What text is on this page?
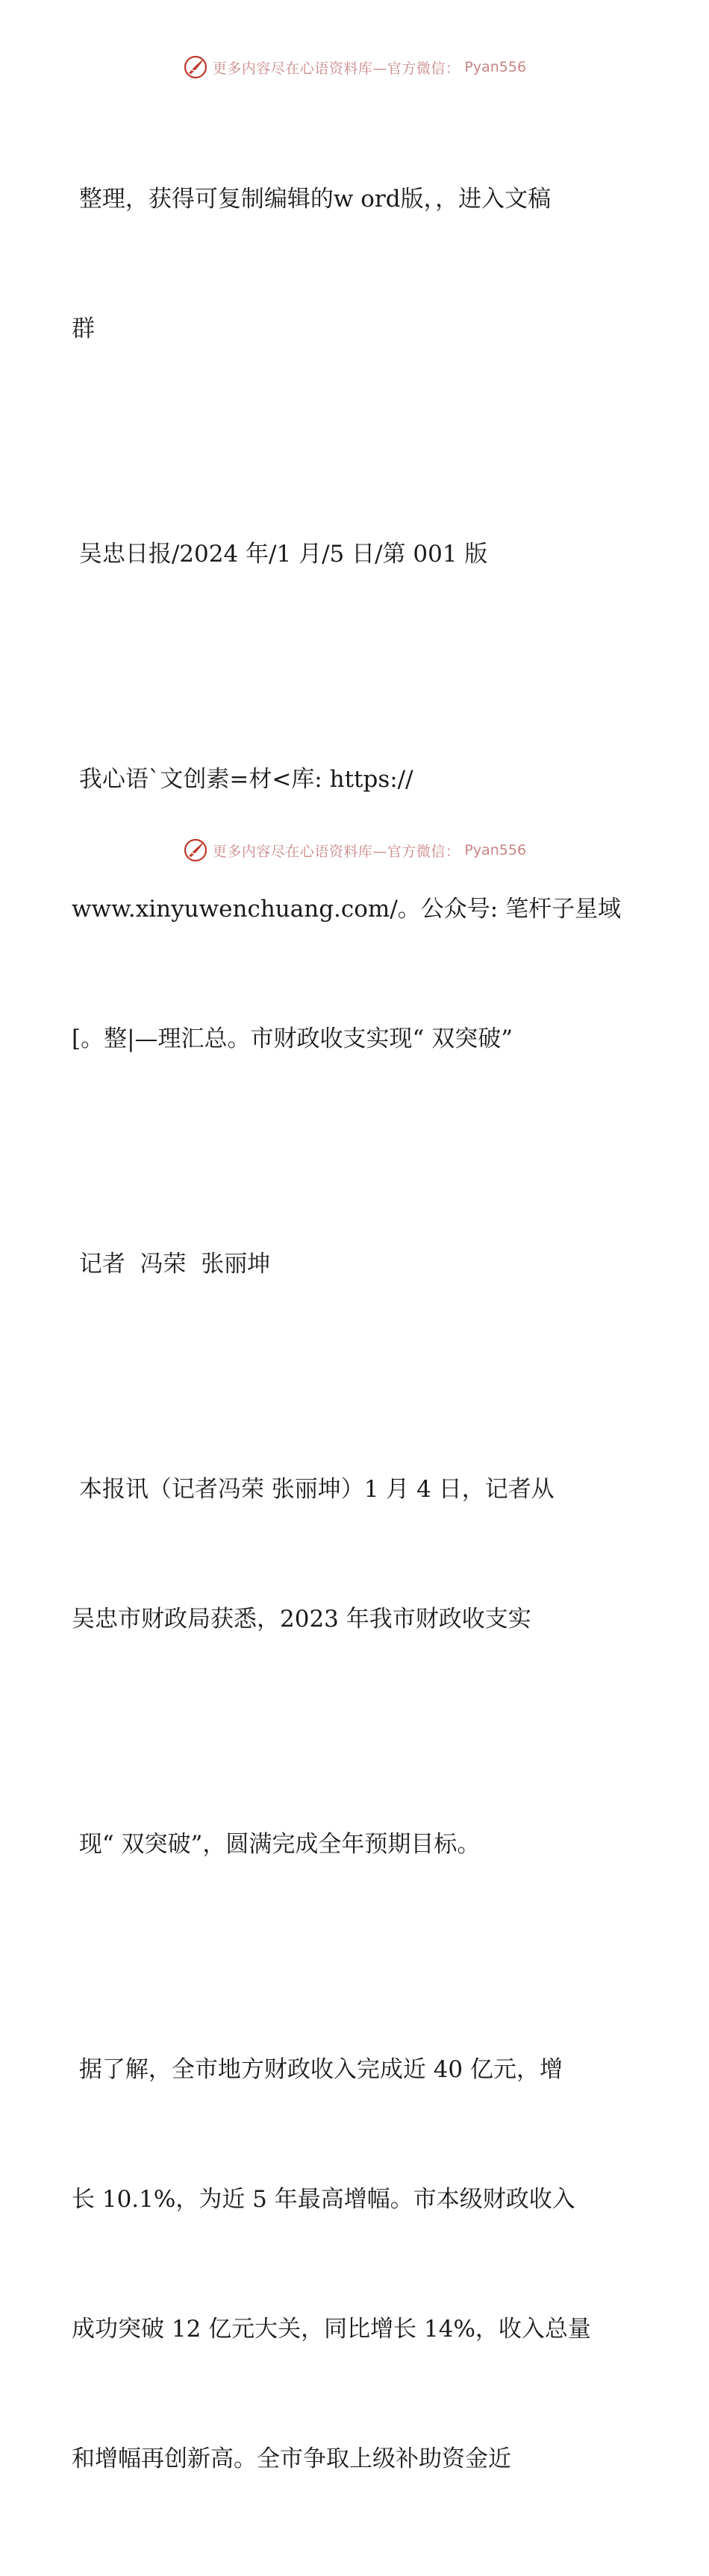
更多内容尽在心语资料库—官方微信： Pyan556

整理，获得可复制编辑的w ord版，，进入文稿

群

吴忠日报/2024 年/1 月/5 日/第 001 版

我心语`文创素=材<库: https://

www.xinyuwenchuang.com/。公众号: 笔杆子星域

[。整|—理汇总。市财政收支实现“ 双突破”

记者  冯荣  张丽坤

本报讯（记者冯荣 张丽坤）1 月 4 日，记者从

吴忠市财政局获悉，2023 年我市财政收支实

现“ 双突破”，圆满完成全年预期目标。

据了解，全市地方财政收入完成近 40 亿元，增

长 10.1%，为近 5 年最高增幅。市本级财政收入

成功突破 12 亿元大关，同比增长 14%，收入总量

和增幅再创新高。全市争取上级补助资金近

更多内容尽在心语资料库—官方微信： Pyan556
